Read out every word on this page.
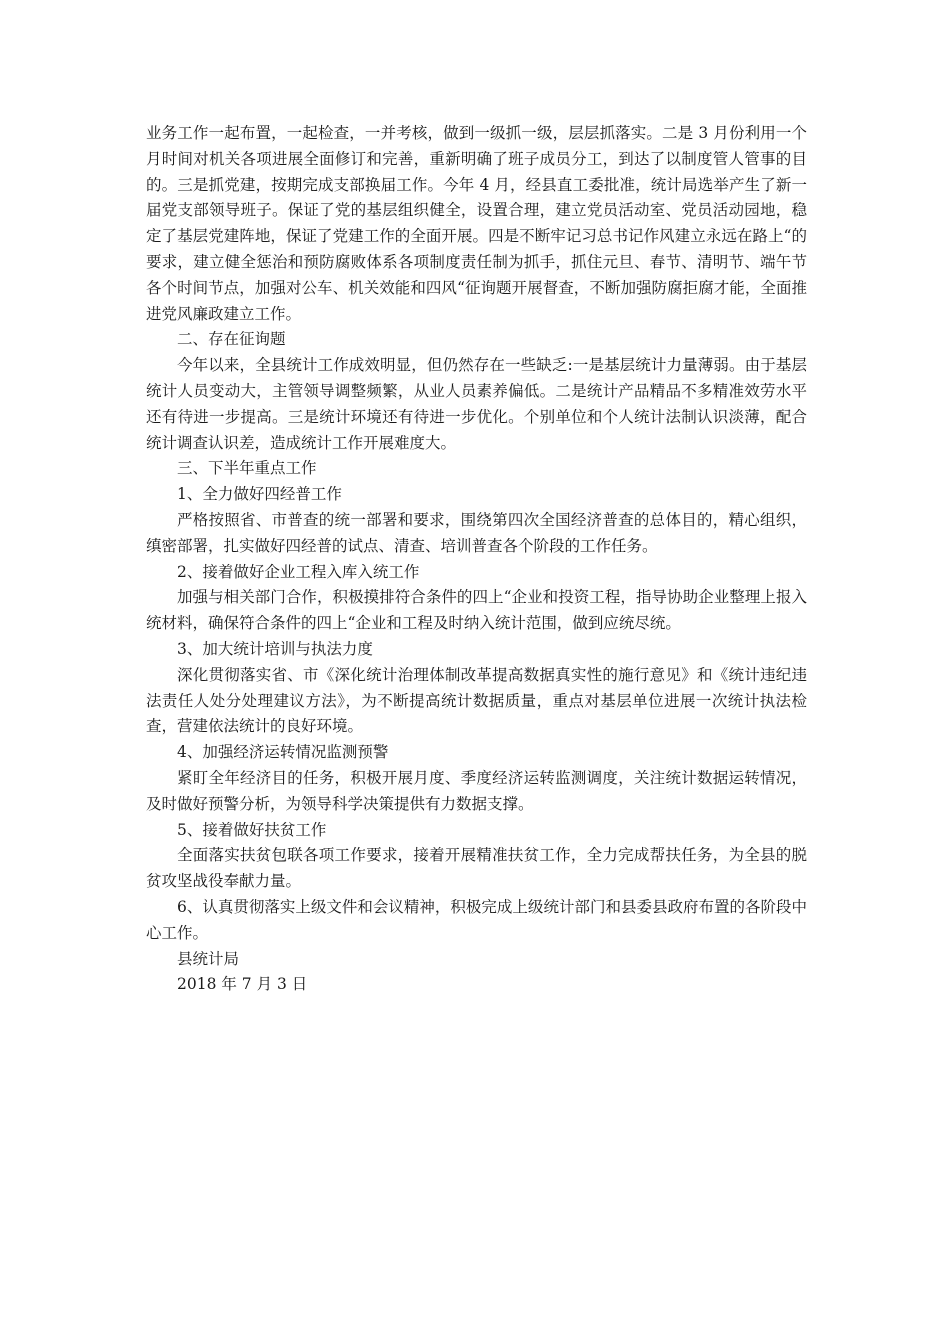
业务工作一起布置，一起检查，一并考核，做到一级抓一级，层层抓落实。二是 3 月份利用一个月时间对机关各项进展全面修订和完善，重新明确了班子成员分工，到达了以制度管人管事的目的。三是抓党建，按期完成支部换届工作。今年 4 月，经县直工委批准，统计局选举产生了新一届党支部领导班子。保证了党的基层组织健全，设置合理，建立党员活动室、党员活动园地，稳定了基层党建阵地，保证了党建工作的全面开展。四是不断牢记习总书记作风建立永远在路上“的要求，建立健全惩治和预防腐败体系各项制度责任制为抓手，抓住元旦、春节、清明节、端午节各个时间节点，加强对公车、机关效能和四风“征询题开展督查，不断加强防腐拒腐才能，全面推进党风廉政建立工作。

二、存在征询题

今年以来，全县统计工作成效明显，但仍然存在一些缺乏:一是基层统计力量薄弱。由于基层统计人员变动大，主管领导调整频繁，从业人员素养偏低。二是统计产品精品不多精准效劳水平还有待进一步提高。三是统计环境还有待进一步优化。个别单位和个人统计法制认识淡薄，配合统计调查认识差，造成统计工作开展难度大。

三、下半年重点工作

1、全力做好四经普工作

严格按照省、市普查的统一部署和要求，围绕第四次全国经济普查的总体目的，精心组织，缜密部署，扎实做好四经普的试点、清查、培训普查各个阶段的工作任务。

2、接着做好企业工程入库入统工作

加强与相关部门合作，积极摸排符合条件的四上“企业和投资工程，指导协助企业整理上报入统材料，确保符合条件的四上“企业和工程及时纳入统计范围，做到应统尽统。

3、加大统计培训与执法力度

深化贯彻落实省、市《深化统计治理体制改革提高数据真实性的施行意见》和《统计违纪违法责任人处分处理建议方法》，为不断提高统计数据质量，重点对基层单位进展一次统计执法检查，营建依法统计的良好环境。

4、加强经济运转情况监测预警

紧盯全年经济目的任务，积极开展月度、季度经济运转监测调度，关注统计数据运转情况，及时做好预警分析，为领导科学决策提供有力数据支撑。

5、接着做好扶贫工作

全面落实扶贫包联各项工作要求，接着开展精准扶贫工作，全力完成帮扶任务，为全县的脱贫攻坚战役奉献力量。

6、认真贯彻落实上级文件和会议精神，积极完成上级统计部门和县委县政府布置的各阶段中心工作。

县统计局

2018 年 7 月 3 日
